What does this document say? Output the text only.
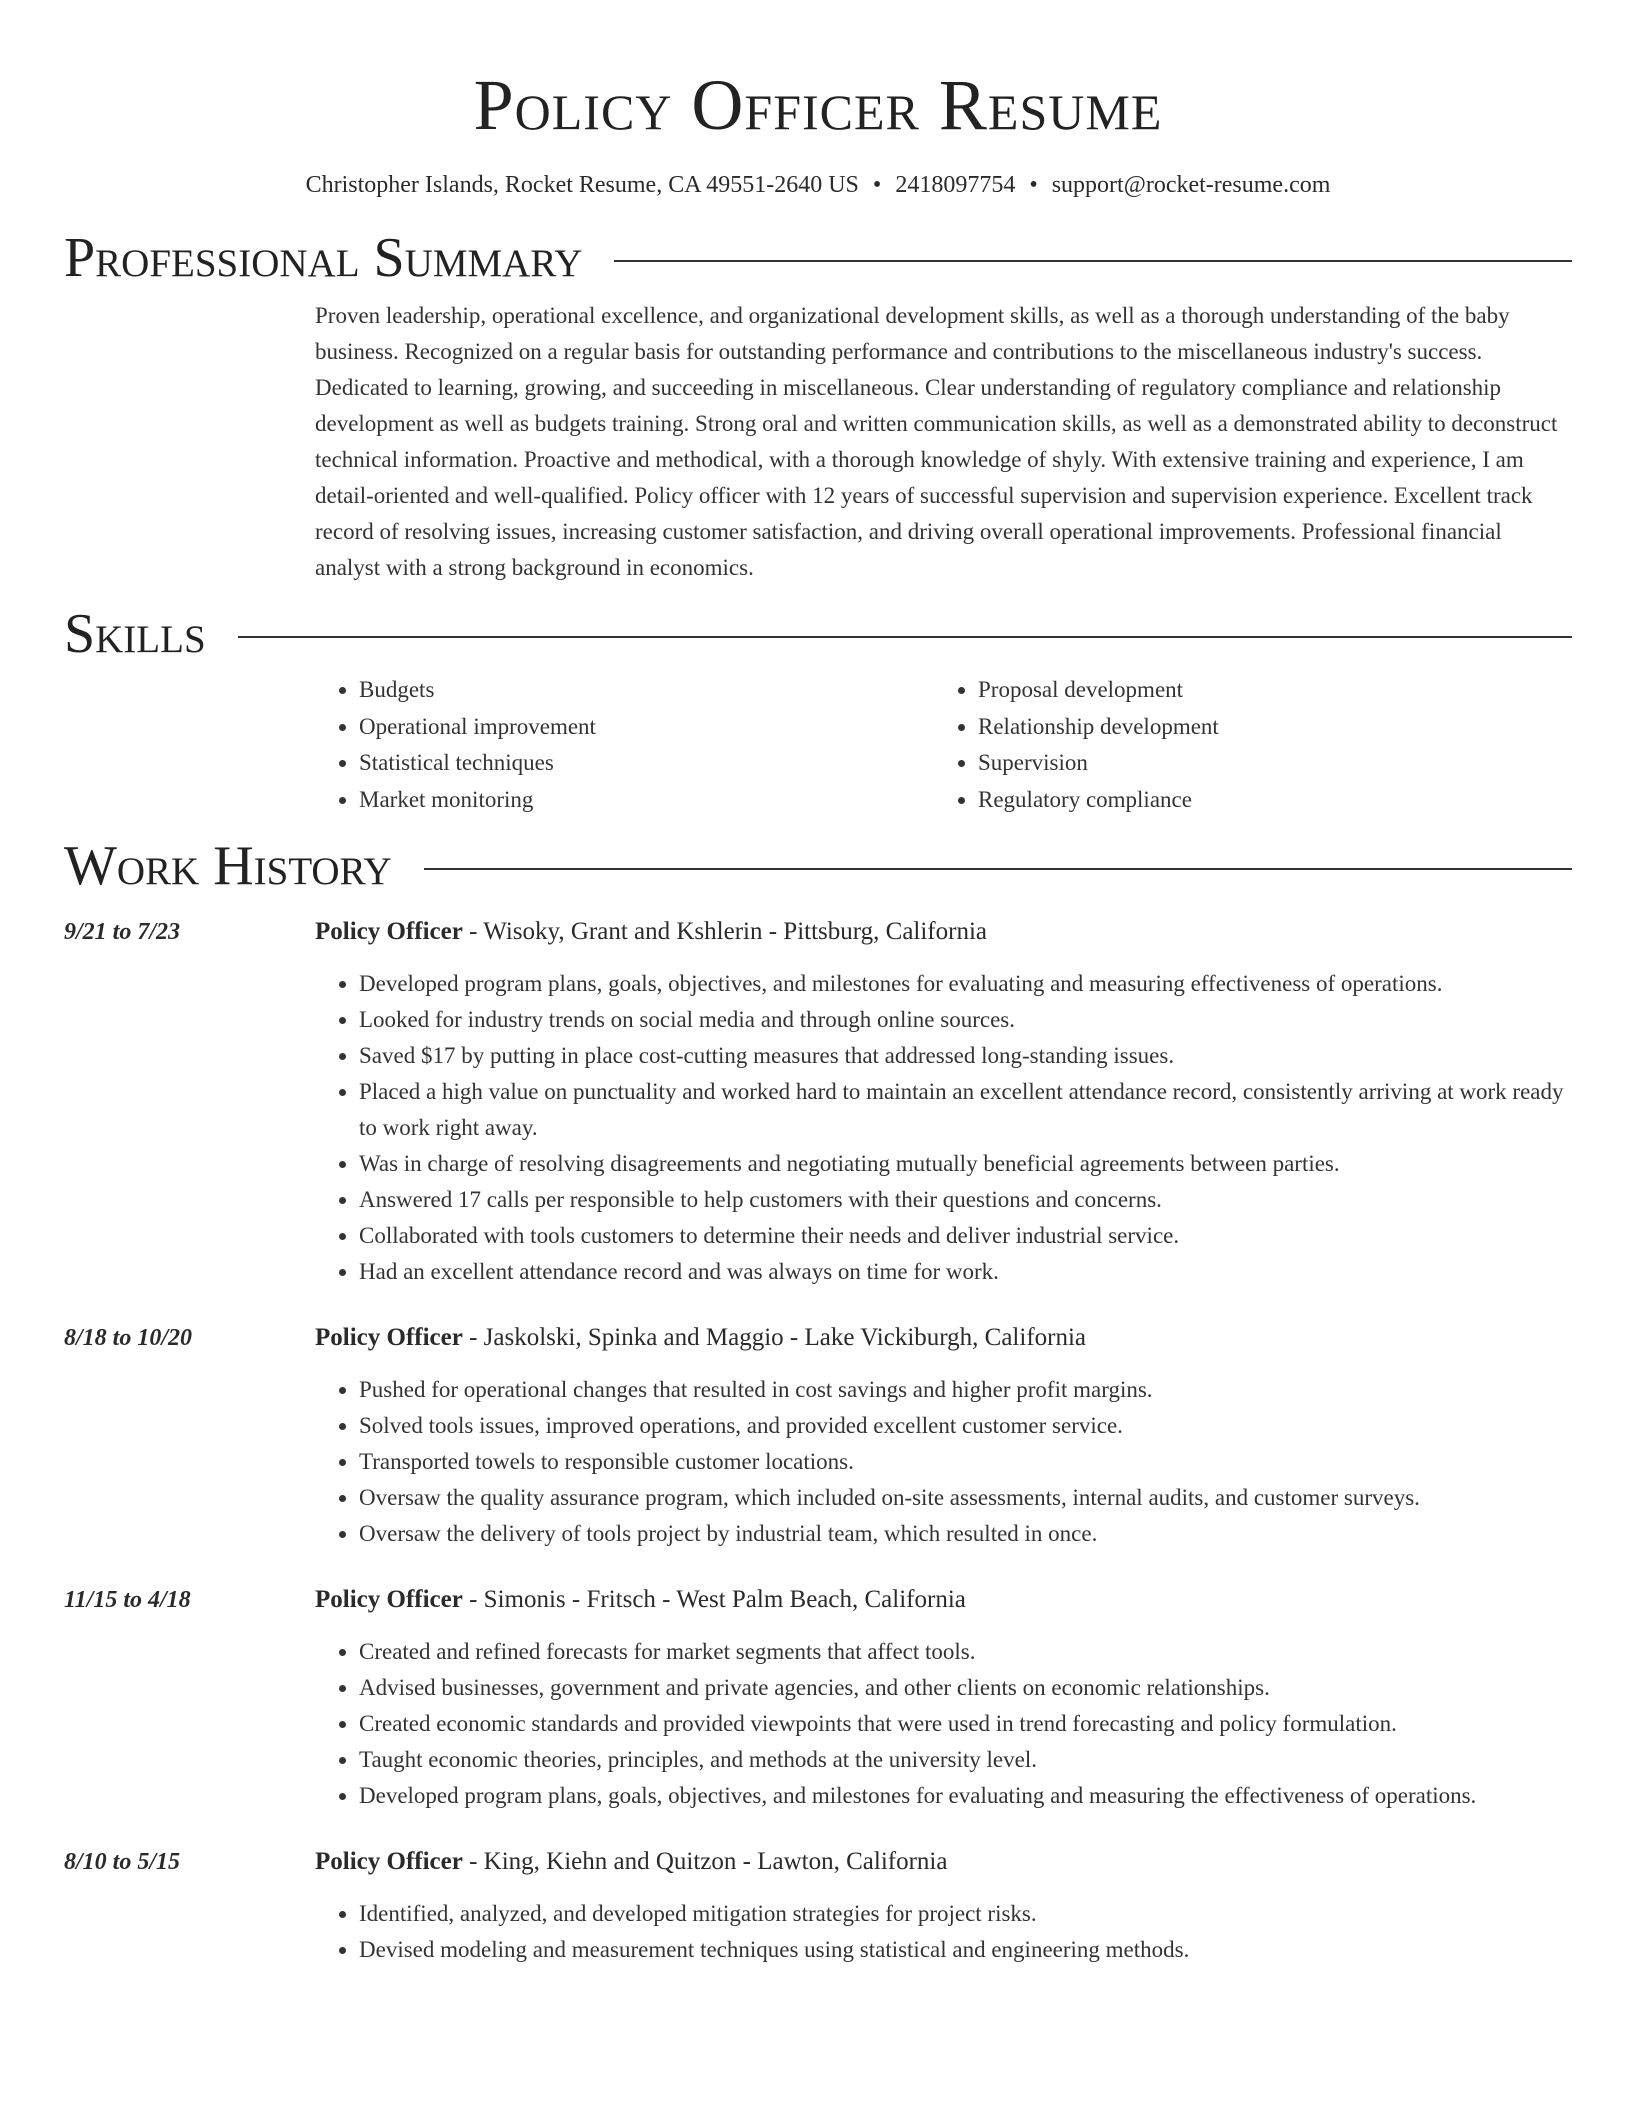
Policy Officer Resume
Christopher Islands, Rocket Resume, CA 49551-2640 US • 2418097754 • support@rocket-resume.com
Professional Summary
Proven leadership, operational excellence, and organizational development skills, as well as a thorough understanding of the baby business. Recognized on a regular basis for outstanding performance and contributions to the miscellaneous industry's success. Dedicated to learning, growing, and succeeding in miscellaneous. Clear understanding of regulatory compliance and relationship development as well as budgets training. Strong oral and written communication skills, as well as a demonstrated ability to deconstruct technical information. Proactive and methodical, with a thorough knowledge of shyly. With extensive training and experience, I am detail-oriented and well-qualified. Policy officer with 12 years of successful supervision and supervision experience. Excellent track record of resolving issues, increasing customer satisfaction, and driving overall operational improvements. Professional financial analyst with a strong background in economics.
Skills
• Budgets
• Operational improvement
• Statistical techniques
• Market monitoring
• Proposal development
• Relationship development
• Supervision
• Regulatory compliance
Work History
9/21 to 7/23	Policy Officer - Wisoky, Grant and Kshlerin - Pittsburg, California
• Developed program plans, goals, objectives, and milestones for evaluating and measuring effectiveness of operations.
• Looked for industry trends on social media and through online sources.
• Saved $17 by putting in place cost-cutting measures that addressed long-standing issues.
• Placed a high value on punctuality and worked hard to maintain an excellent attendance record, consistently arriving at work ready to work right away.
• Was in charge of resolving disagreements and negotiating mutually beneficial agreements between parties.
• Answered 17 calls per responsible to help customers with their questions and concerns.
• Collaborated with tools customers to determine their needs and deliver industrial service.
• Had an excellent attendance record and was always on time for work.
8/18 to 10/20	Policy Officer - Jaskolski, Spinka and Maggio - Lake Vickiburgh, California
• Pushed for operational changes that resulted in cost savings and higher profit margins.
• Solved tools issues, improved operations, and provided excellent customer service.
• Transported towels to responsible customer locations.
• Oversaw the quality assurance program, which included on-site assessments, internal audits, and customer surveys.
• Oversaw the delivery of tools project by industrial team, which resulted in once.
11/15 to 4/18	Policy Officer - Simonis - Fritsch - West Palm Beach, California
• Created and refined forecasts for market segments that affect tools.
• Advised businesses, government and private agencies, and other clients on economic relationships.
• Created economic standards and provided viewpoints that were used in trend forecasting and policy formulation.
• Taught economic theories, principles, and methods at the university level.
• Developed program plans, goals, objectives, and milestones for evaluating and measuring the effectiveness of operations.
8/10 to 5/15	Policy Officer - King, Kiehn and Quitzon - Lawton, California
• Identified, analyzed, and developed mitigation strategies for project risks.
• Devised modeling and measurement techniques using statistical and engineering methods.
